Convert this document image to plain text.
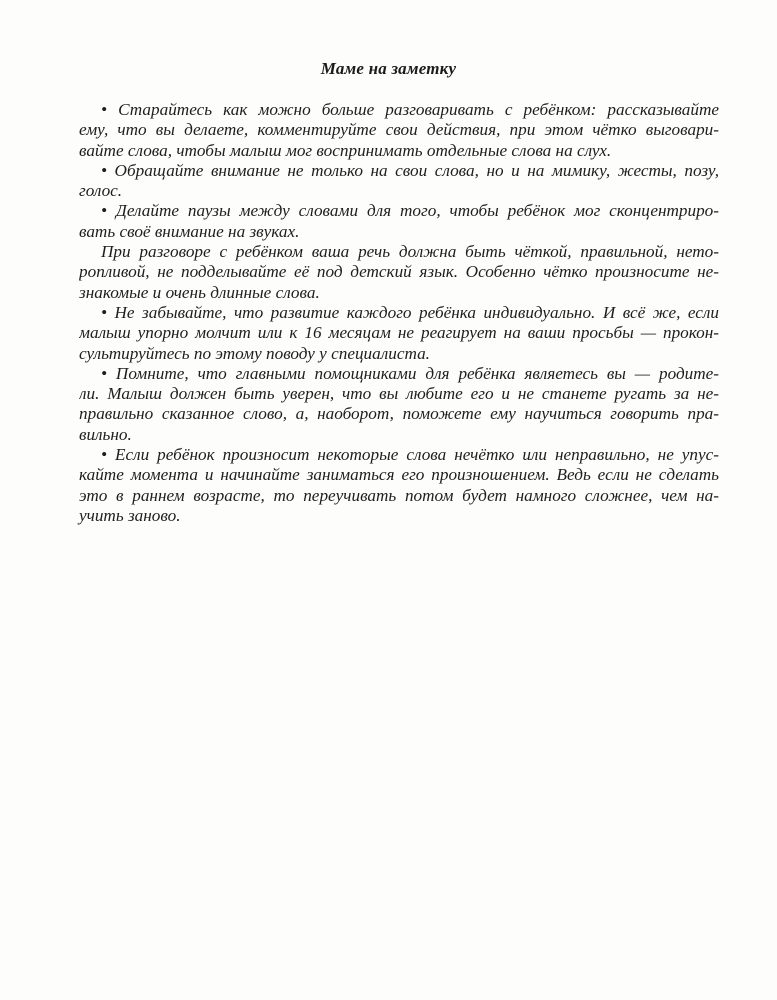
Маме на заметку
• Старайтесь как можно больше разговаривать с ребёнком: рассказывайте
ему, что вы делаете, комментируйте свои действия, при этом чётко выговари-
вайте слова, чтобы малыш мог воспринимать отдельные слова на слух.
• Обращайте внимание не только на свои слова, но и на мимику, жесты, позу,
голос.
• Делайте паузы между словами для того, чтобы ребёнок мог сконцентриро-
вать своё внимание на звуках.
При разговоре с ребёнком ваша речь должна быть чёткой, правильной, нето-
ропливой, не подделывайте её под детский язык. Особенно чётко произносите не-
знакомые и очень длинные слова.
• Не забывайте, что развитие каждого ребёнка индивидуально. И всё же, если
малыш упорно молчит или к 16 месяцам не реагирует на ваши просьбы — прокон-
сультируйтесь по этому поводу у специалиста.
• Помните, что главными помощниками для ребёнка являетесь вы — родите-
ли. Малыш должен быть уверен, что вы любите его и не станете ругать за не-
правильно сказанное слово, а, наоборот, поможете ему научиться говорить пра-
вильно.
• Если ребёнок произносит некоторые слова нечётко или неправильно, не упус-
кайте момента и начинайте заниматься его произношением. Ведь если не сделать
это в раннем возрасте, то переучивать потом будет намного сложнее, чем на-
учить заново.
